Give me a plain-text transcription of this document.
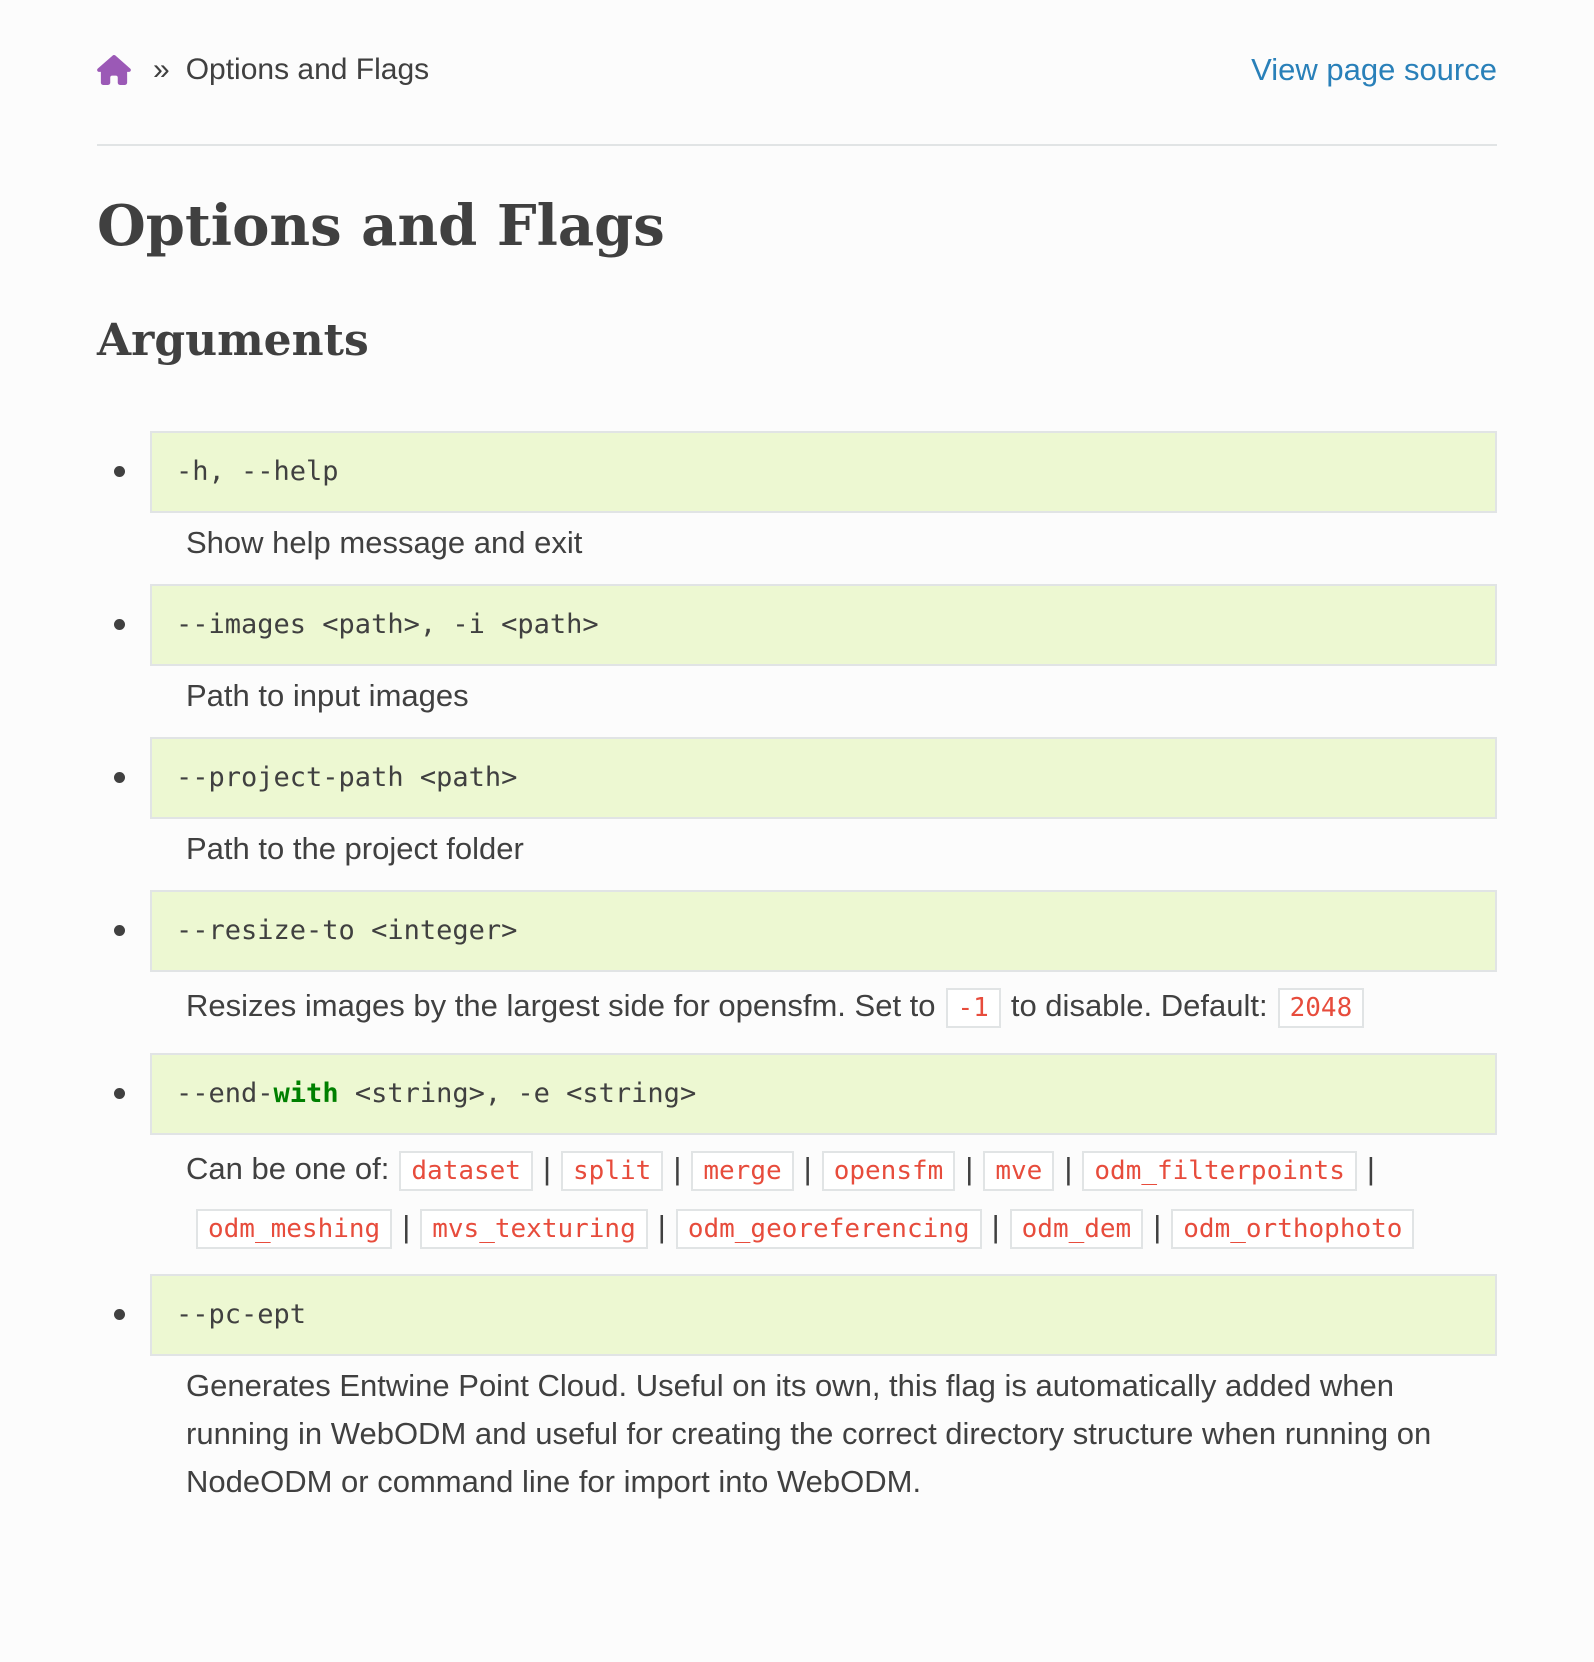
» Options and Flags	View page source
Options and Flags
Arguments
-h, --help
Show help message and exit
--images <path>, -i <path>
Path to input images
--project-path <path>
Path to the project folder
--resize-to <integer>
Resizes images by the largest side for opensfm. Set to -1 to disable. Default: 2048
--end-with <string>, -e <string>
Can be one of: dataset | split | merge | opensfm | mve | odm_filterpoints |
odm_meshing | mvs_texturing | odm_georeferencing | odm_dem | odm_orthophoto
--pc-ept
Generates Entwine Point Cloud. Useful on its own, this flag is automatically added when running in WebODM and useful for creating the correct directory structure when running on NodeODM or command line for import into WebODM.
